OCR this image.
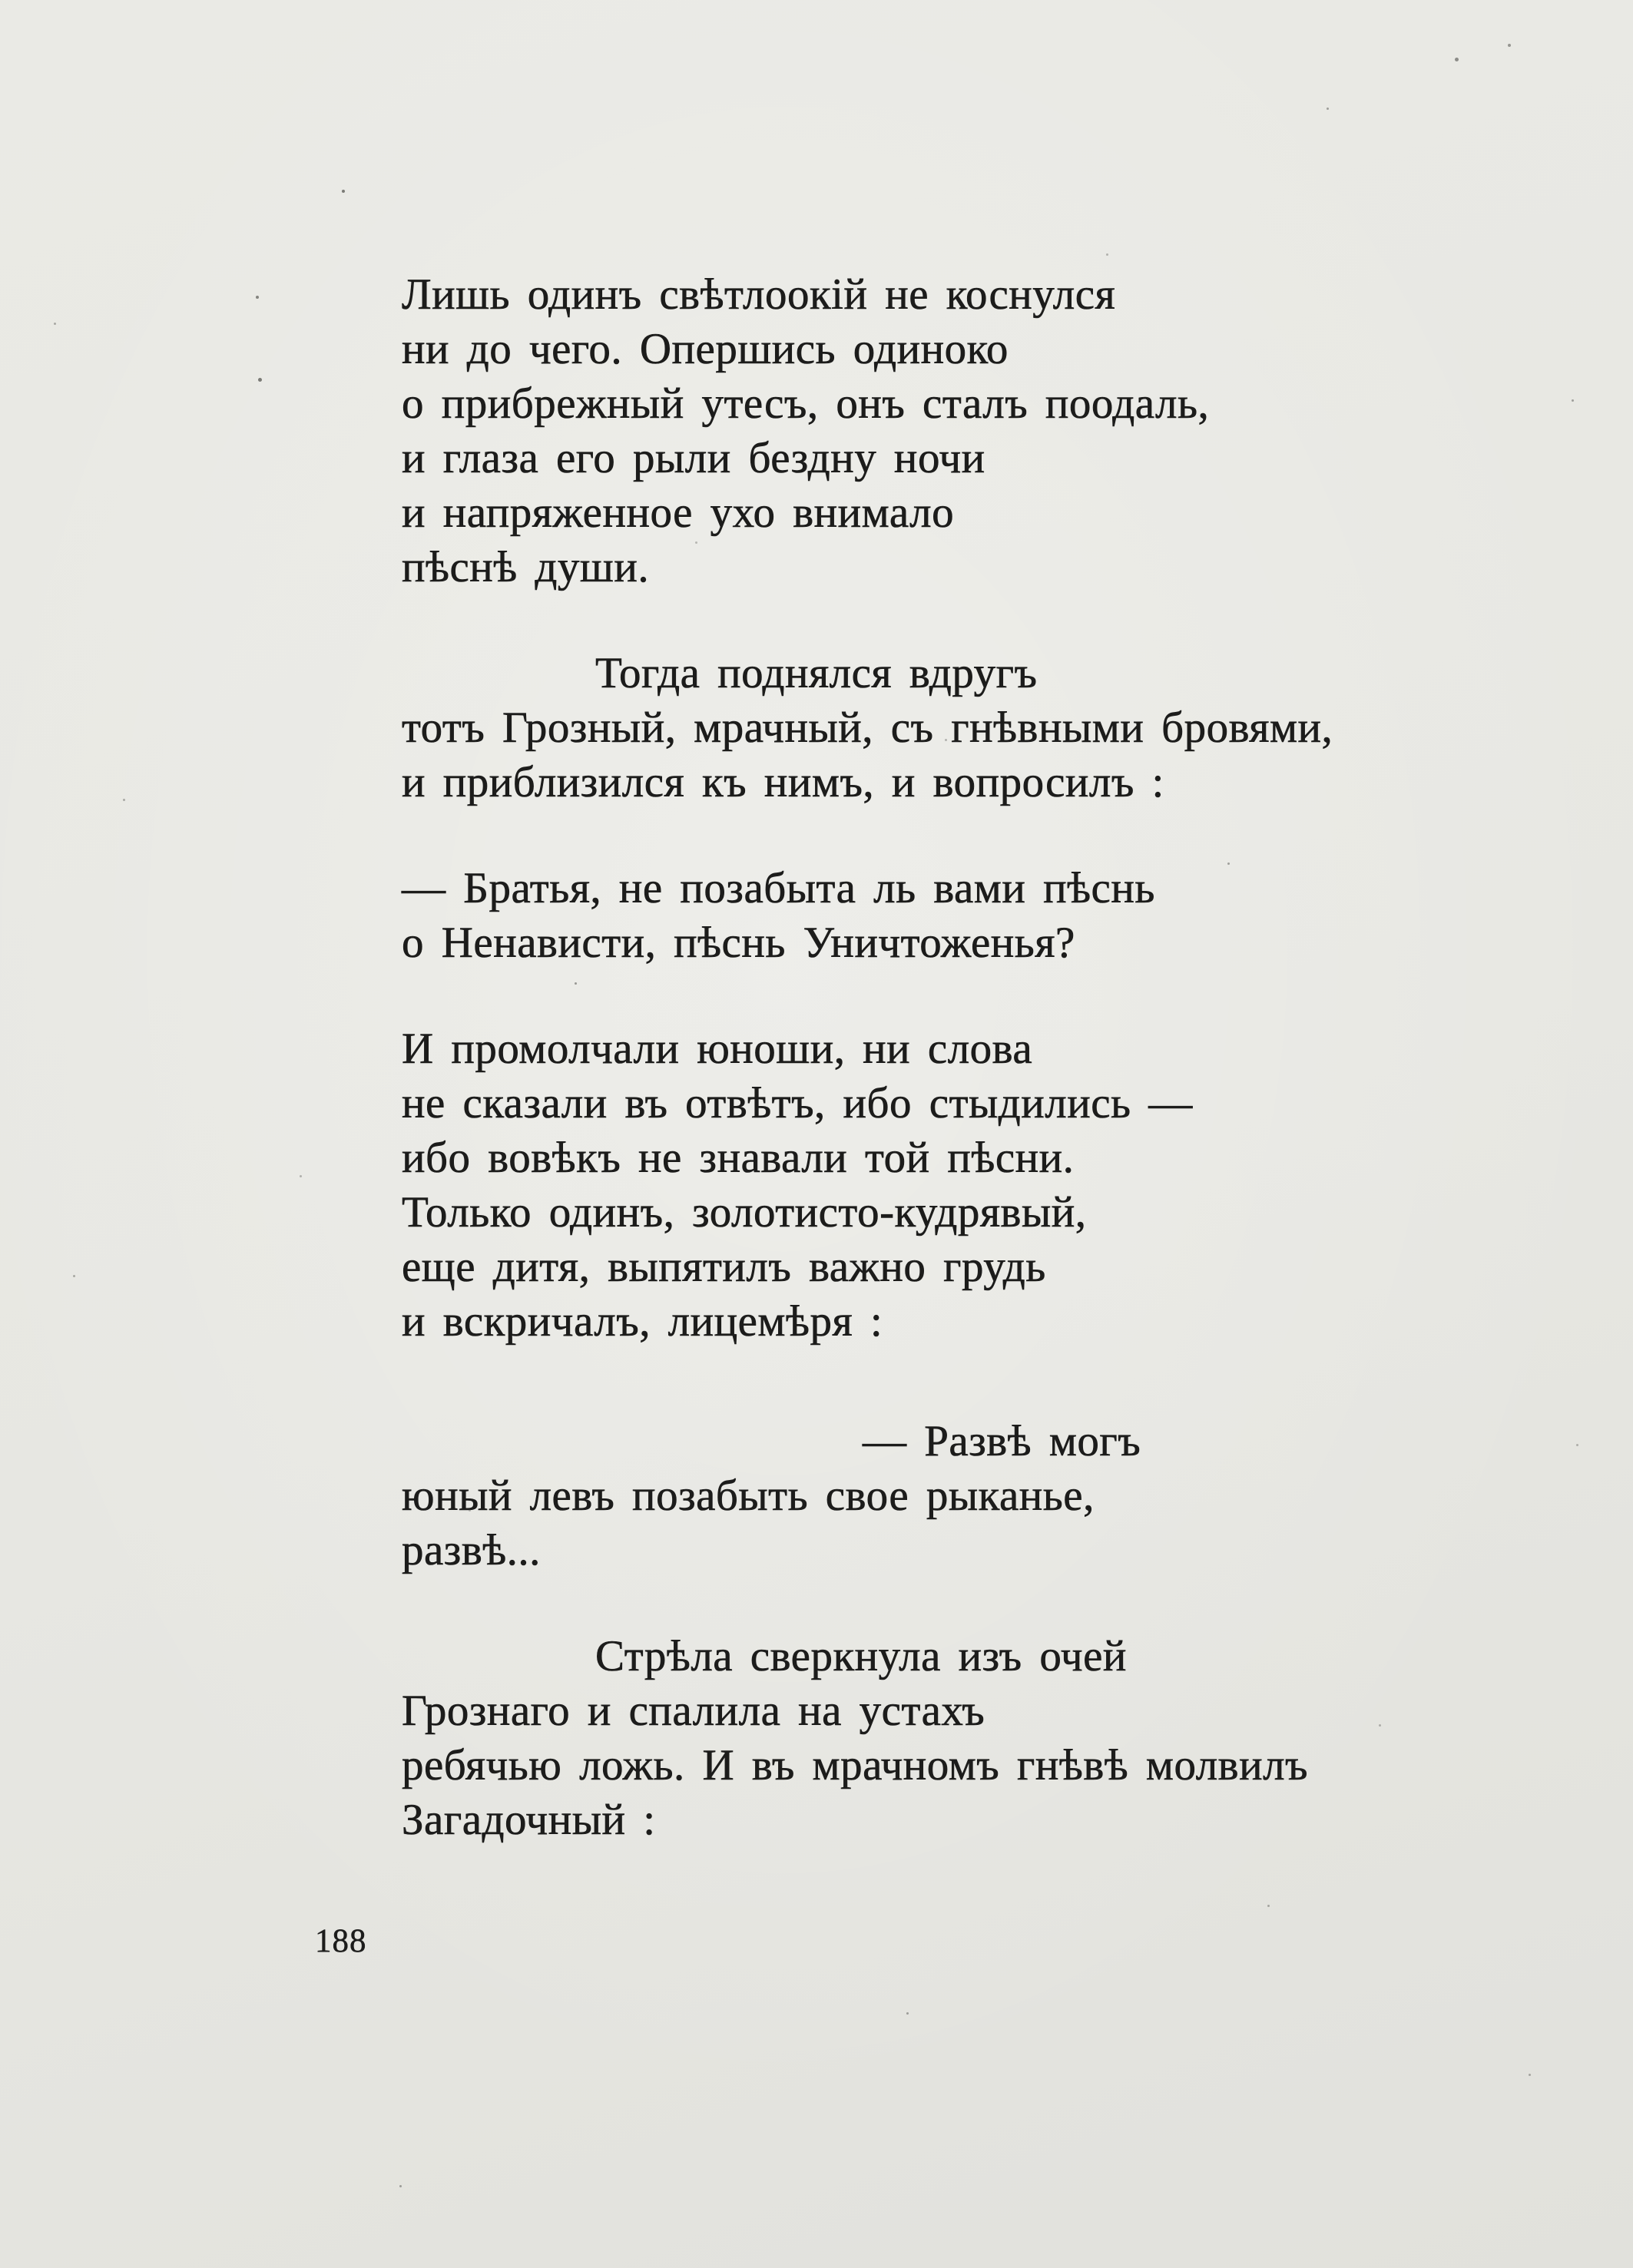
Лишь одинъ свѣтлоокій не коснулся
ни до чего. Опершись одиноко
о прибрежный утесъ, онъ сталъ поодаль,
и глаза его рыли бездну ночи
и напряженное ухо внимало
пѣснѣ души.
Тогда поднялся вдругъ
тотъ Грозный, мрачный, съ гнѣвными бровями,
и приблизился къ нимъ, и вопросилъ :
— Братья, не позабыта ль вами пѣснь
о Ненависти, пѣснь Уничтоженья?
И промолчали юноши, ни слова
не сказали въ отвѣтъ, ибо стыдились —
ибо вовѣкъ не знавали той пѣсни.
Только одинъ, золотисто-кудрявый,
еще дитя, выпятилъ важно грудь
и вскричалъ, лицемѣря :
— Развѣ могъ
юный левъ позабыть свое рыканье,
развѣ...
Стрѣла сверкнула изъ очей
Грознаго и спалила на устахъ
ребячью ложь. И въ мрачномъ гнѣвѣ молвилъ
Загадочный :
188
